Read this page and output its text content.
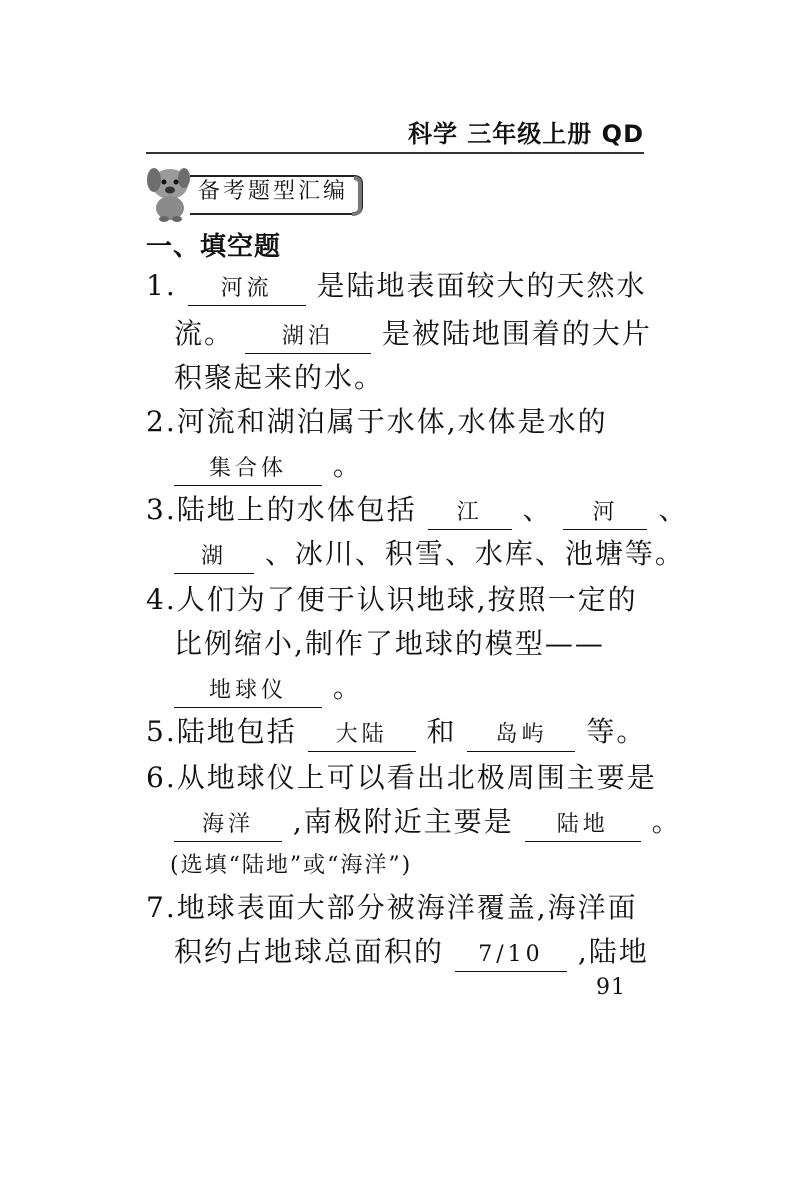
科学 三年级上册 QD
备考题型汇编
一、填空题
1. 河流 是陆地表面较大的天然水
流。 湖泊 是被陆地围着的大片
积聚起来的水。
2.河流和湖泊属于水体,水体是水的
集合体 。
3.陆地上的水体包括 江 、 河 、
湖 、冰川、积雪、水库、池塘等。
4.人们为了便于认识地球,按照一定的
比例缩小,制作了地球的模型——
地球仪 。
5.陆地包括 大陆 和 岛屿 等。
6.从地球仪上可以看出北极周围主要是
海洋 ,南极附近主要是 陆地 。
(选填“陆地”或“海洋”)
7.地球表面大部分被海洋覆盖,海洋面
积约占地球总面积的 7/10 ,陆地
91
